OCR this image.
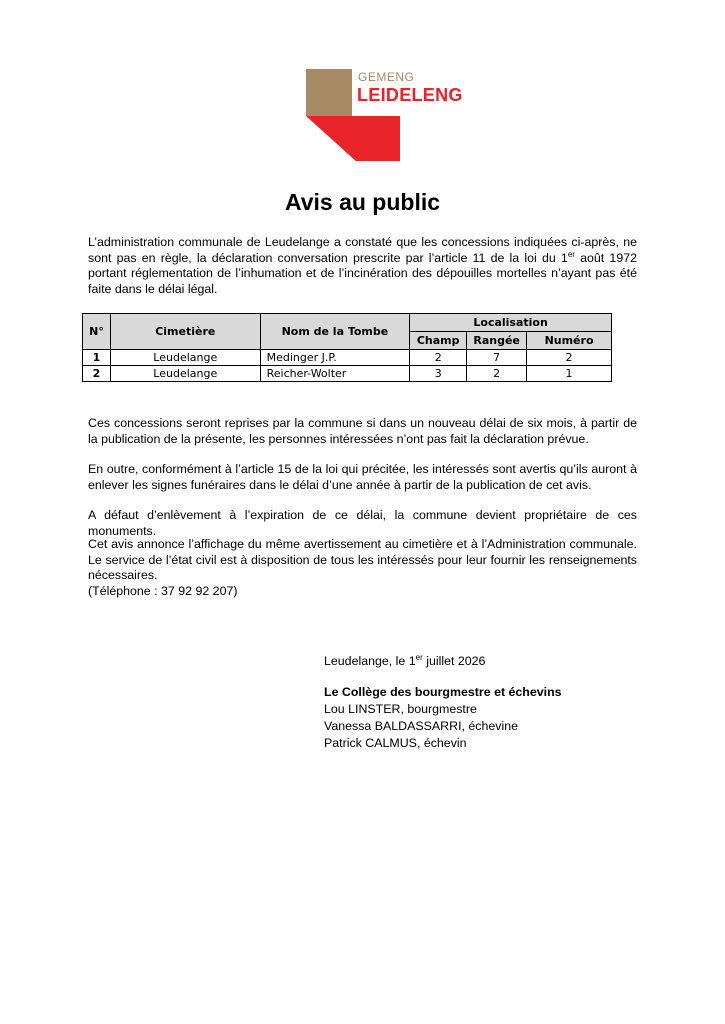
GEMENG
LEIDELENG
Avis au public

L’administration communale de Leudelange a constaté que les concessions indiquées ci-après, ne sont pas en règle, la déclaration conversation prescrite par l’article 11 de la loi du 1er août 1972 portant réglementation de l’inhumation et de l’incinération des dépouilles mortelles n’ayant pas été faite dans le délai légal.

N°	Cimetière	Nom de la Tombe	Localisation		
			Champ	Rangée	Numéro
1	Leudelange	Medinger J.P.	2	7	2
2	Leudelange	Reicher-Wolter	3	2	1

Ces concessions seront reprises par la commune si dans un nouveau délai de six mois, à partir de la publication de la présente, les personnes intéressées n’ont pas fait la déclaration prévue.

En outre, conformément à l’article 15 de la loi qui précitée, les intéressés sont avertis qu’ils auront à enlever les signes funéraires dans le délai d’une année à partir de la publication de cet avis.

A défaut d’enlèvement à l’expiration de ce délai, la commune devient propriétaire de ces monuments.

Cet avis annonce l’affichage du même avertissement au cimetière et à l’Administration communale. Le service de l’état civil est à disposition de tous les intéressés pour leur fournir les renseignements nécessaires.
(Téléphone : 37 92 92 207)
Leudelange, le 1er juillet 2026
Le Collège des bourgmestre et échevins
Lou LINSTER, bourgmestre
Vanessa BALDASSARRI, échevine
Patrick CALMUS, échevin
